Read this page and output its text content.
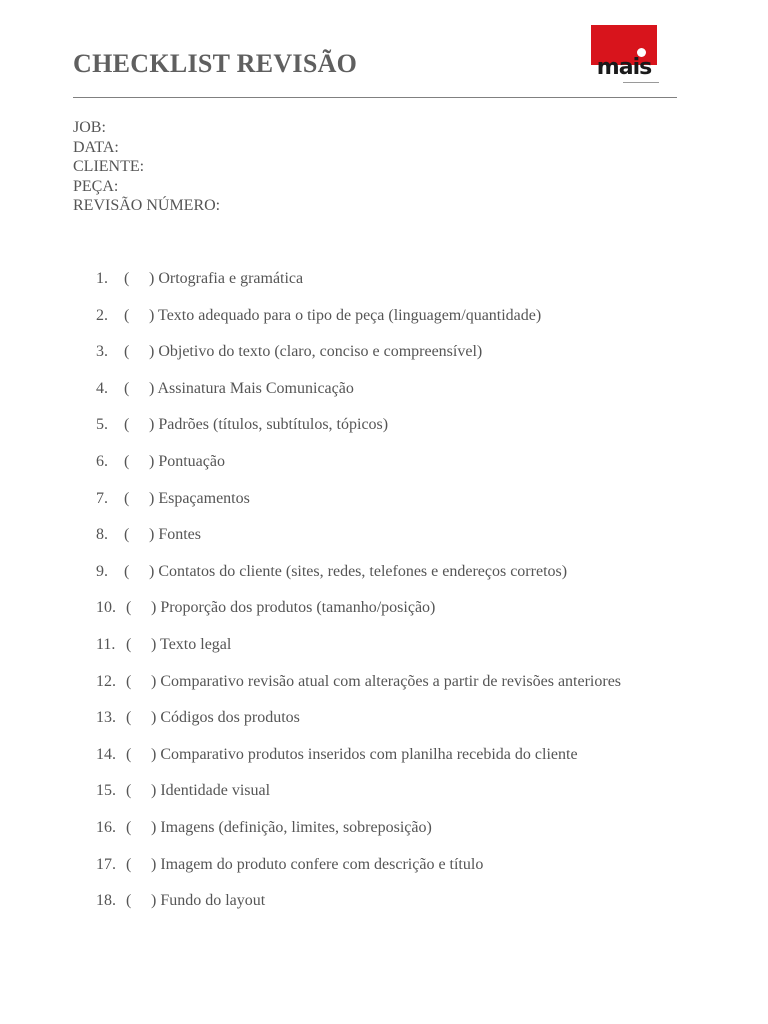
CHECKLIST REVISÃO	mais
JOB:
DATA:
CLIENTE:
PEÇA:
REVISÃO NÚMERO:
1. ( ) Ortografia e gramática
2. ( ) Texto adequado para o tipo de peça (linguagem/quantidade)
3. ( ) Objetivo do texto (claro, conciso e compreensível)
4. ( ) Assinatura Mais Comunicação
5. ( ) Padrões (títulos, subtítulos, tópicos)
6. ( ) Pontuação
7. ( ) Espaçamentos
8. ( ) Fontes
9. ( ) Contatos do cliente (sites, redes, telefones e endereços corretos)
10. ( ) Proporção dos produtos (tamanho/posição)
11. ( ) Texto legal
12. ( ) Comparativo revisão atual com alterações a partir de revisões anteriores
13. ( ) Códigos dos produtos
14. ( ) Comparativo produtos inseridos com planilha recebida do cliente
15. ( ) Identidade visual
16. ( ) Imagens (definição, limites, sobreposição)
17. ( ) Imagem do produto confere com descrição e título
18. ( ) Fundo do layout
